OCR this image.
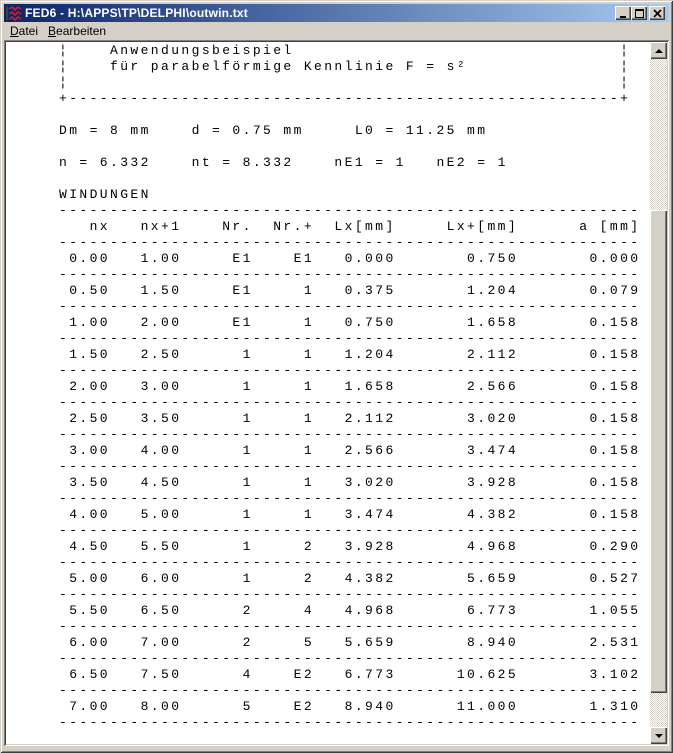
FED6 - H:\APPS\TP\DELPHI\outwin.txt
Datei Bearbeiten
¦    Anwendungsbeispiel                                ¦
¦    für parabelförmige Kennlinie F = s²               ¦
¦                                                      ¦
+------------------------------------------------------+
Dm = 8 mm    d = 0.75 mm     L0 = 11.25 mm
n = 6.332    nt = 8.332    nE1 = 1   nE2 = 1
WINDUNGEN
---------------------------------------------------------
nx   nx+1    Nr.  Nr.+  Lx[mm]     Lx+[mm]      a [mm]
---------------------------------------------------------
0.00   1.00     E1    E1   0.000       0.750       0.000
---------------------------------------------------------
0.50   1.50     E1     1   0.375       1.204       0.079
---------------------------------------------------------
1.00   2.00     E1     1   0.750       1.658       0.158
---------------------------------------------------------
1.50   2.50      1     1   1.204       2.112       0.158
---------------------------------------------------------
2.00   3.00      1     1   1.658       2.566       0.158
---------------------------------------------------------
2.50   3.50      1     1   2.112       3.020       0.158
---------------------------------------------------------
3.00   4.00      1     1   2.566       3.474       0.158
---------------------------------------------------------
3.50   4.50      1     1   3.020       3.928       0.158
---------------------------------------------------------
4.00   5.00      1     1   3.474       4.382       0.158
---------------------------------------------------------
4.50   5.50      1     2   3.928       4.968       0.290
---------------------------------------------------------
5.00   6.00      1     2   4.382       5.659       0.527
---------------------------------------------------------
5.50   6.50      2     4   4.968       6.773       1.055
---------------------------------------------------------
6.00   7.00      2     5   5.659       8.940       2.531
---------------------------------------------------------
6.50   7.50      4    E2   6.773      10.625       3.102
---------------------------------------------------------
7.00   8.00      5    E2   8.940      11.000       1.310
---------------------------------------------------------
